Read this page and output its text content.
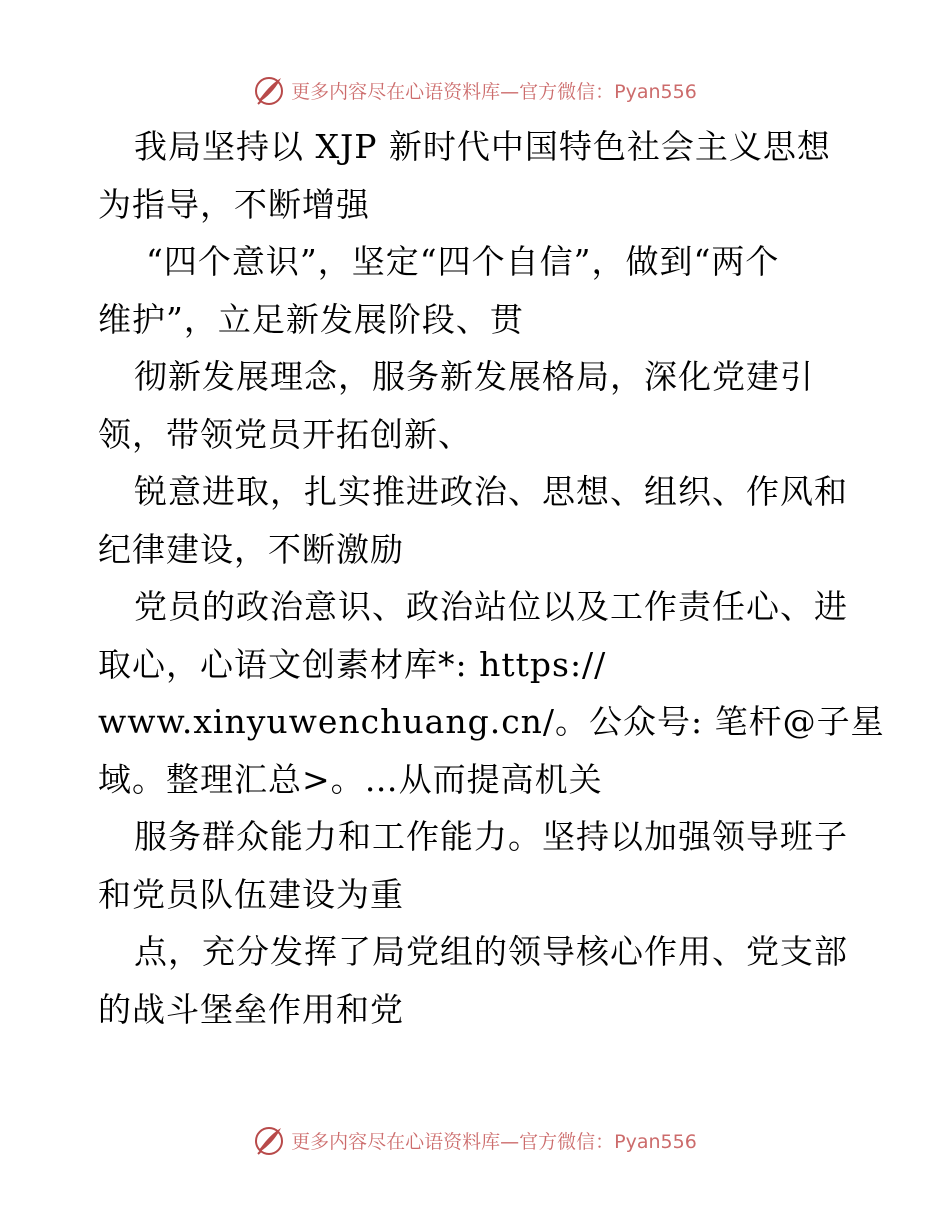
更多内容尽在心语资料库—官方微信：Pyan556
我局坚持以 XJP 新时代中国特色社会主义思想
为指导，不断增强
“四个意识”，坚定“四个自信”，做到“两个
维护”，立足新发展阶段、贯
彻新发展理念，服务新发展格局，深化党建引
领，带领党员开拓创新、
锐意进取，扎实推进政治、思想、组织、作风和
纪律建设，不断激励
党员的政治意识、政治站位以及工作责任心、进
取心，心语文创素材库*: https://
www.xinyuwenchuang.cn/。公众号: 笔杆@子星
域。整理汇总>。…从而提高机关
服务群众能力和工作能力。坚持以加强领导班子
和党员队伍建设为重
点，充分发挥了局党组的领导核心作用、党支部
的战斗堡垒作用和党
更多内容尽在心语资料库—官方微信：Pyan556
